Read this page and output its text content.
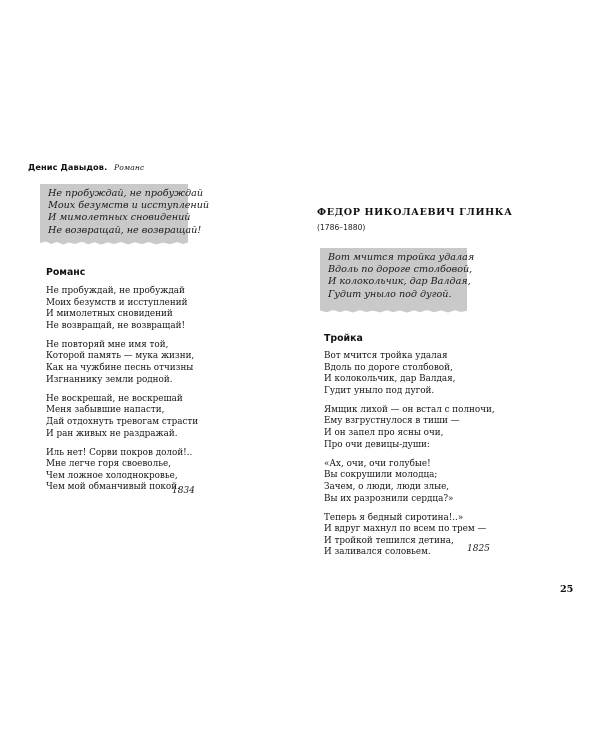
Денис Давыдов. Романс
Не пробуждай, не пробуждай
Моих безумств и исступлений
И мимолетных сновидений
Не возвращай, не возвращай!
Романс
Не пробуждай, не пробуждай
Моих безумств и исступлений
И мимолетных сновидений
Не возвращай, не возвращай!
Не повторяй мне имя той,
Которой память — мука жизни,
Как на чужбине песнь отчизны
Изгнаннику земли родной.
Не воскрешай, не воскрешай
Меня забывшие напасти,
Дай отдохнуть тревогам страсти
И ран живых не раздражай.
Иль нет! Сорви покров долой!..
Мне легче горя своеволье,
Чем ложное холоднокровье,
Чем мой обманчивый покой.
1834
ФЕДОР НИКОЛАЕВИЧ ГЛИНКА
(1786–1880)
Вот мчится тройка удалая
Вдоль по дороге столбовой,
И колокольчик, дар Валдая,
Гудит уныло под дугой.
Тройка
Вот мчится тройка удалая
Вдоль по дороге столбовой,
И колокольчик, дар Валдая,
Гудит уныло под дугой.
Ямщик лихой — он встал с полночи,
Ему взгрустнулося в тиши —
И он запел про ясны очи,
Про очи девицы-души:
«Ах, очи, очи голубые!
Вы сокрушили молодца;
Зачем, о люди, люди злые,
Вы их разрознили сердца?»
Теперь я бедный сиротина!..»
И вдруг махнул по всем по трем —
И тройкой тешился детина,
И заливался соловьем.	1825
25
